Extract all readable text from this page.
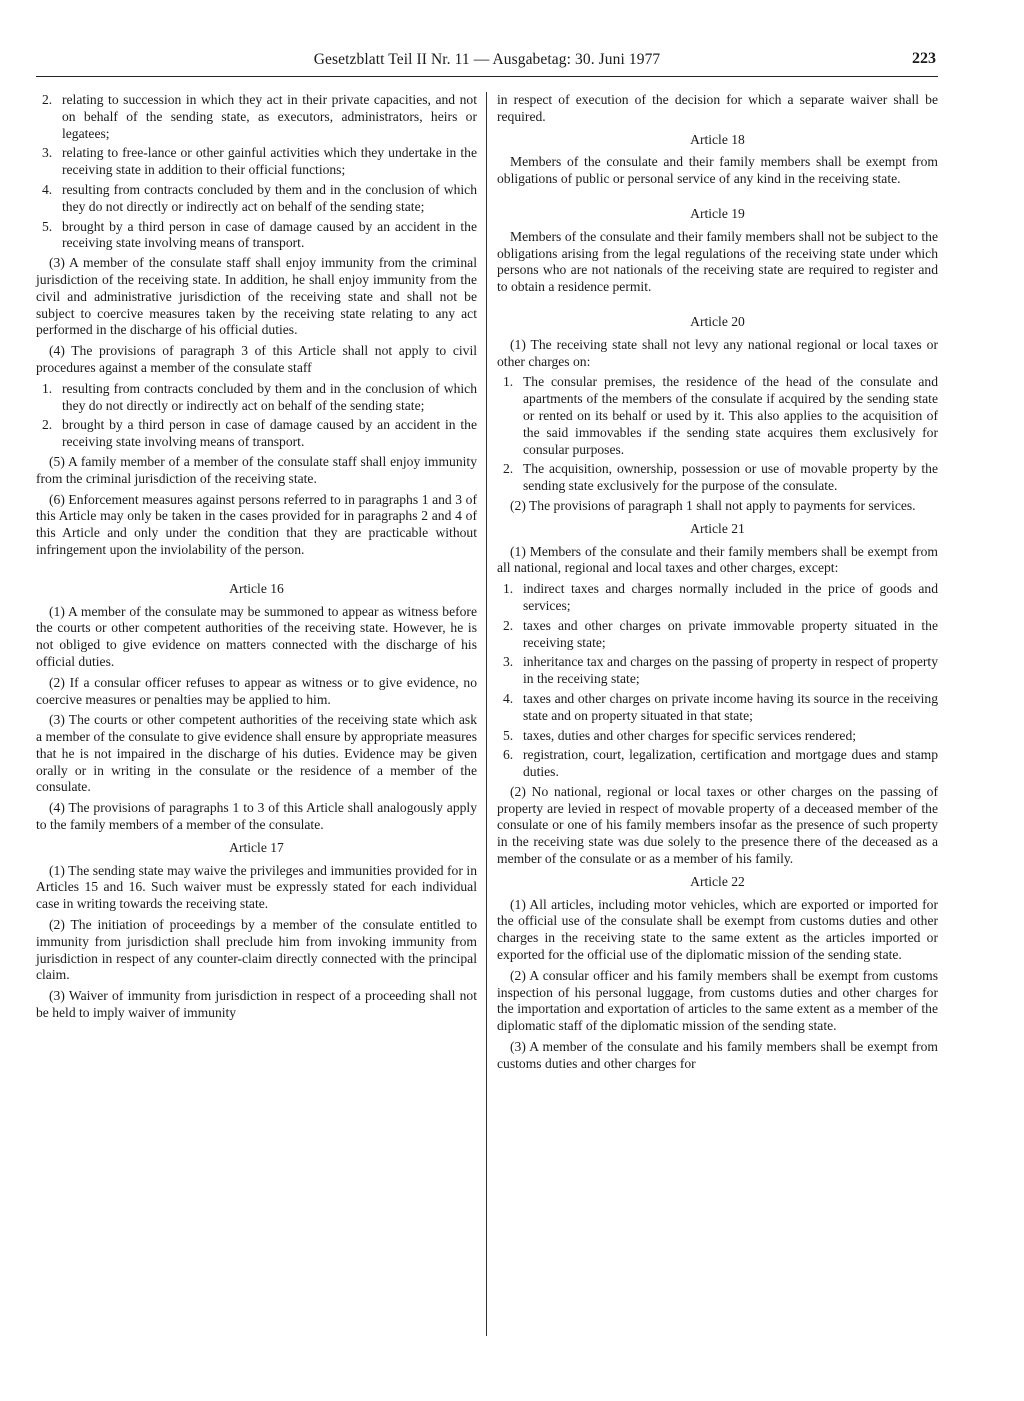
Gesetzblatt Teil II Nr. 11 — Ausgabetag: 30. Juni 1977	223
2. relating to succession in which they act in their private capacities, and not on behalf of the sending state, as executors, administrators, heirs or legatees;
3. relating to free-lance or other gainful activities which they undertake in the receiving state in addition to their official functions;
4. resulting from contracts concluded by them and in the conclusion of which they do not directly or indirectly act on behalf of the sending state;
5. brought by a third person in case of damage caused by an accident in the receiving state involving means of transport.

(3) A member of the consulate staff shall enjoy immunity from the criminal jurisdiction of the receiving state. In addition, he shall enjoy immunity from the civil and administrative jurisdiction of the receiving state and shall not be subject to coercive measures taken by the receiving state relating to any act performed in the discharge of his official duties.

(4) The provisions of paragraph 3 of this Article shall not apply to civil procedures against a member of the consulate staff

1. resulting from contracts concluded by them and in the conclusion of which they do not directly or indirectly act on behalf of the sending state;
2. brought by a third person in case of damage caused by an accident in the receiving state involving means of transport.

(5) A family member of a member of the consulate staff shall enjoy immunity from the criminal jurisdiction of the receiving state.

(6) Enforcement measures against persons referred to in paragraphs 1 and 3 of this Article may only be taken in the cases provided for in paragraphs 2 and 4 of this Article and only under the condition that they are practicable without infringement upon the inviolability of the person.

Article 16

(1) A member of the consulate may be summoned to appear as witness before the courts or other competent authorities of the receiving state. However, he is not obliged to give evidence on matters connected with the discharge of his official duties.

(2) If a consular officer refuses to appear as witness or to give evidence, no coercive measures or penalties may be applied to him.

(3) The courts or other competent authorities of the receiving state which ask a member of the consulate to give evidence shall ensure by appropriate measures that he is not impaired in the discharge of his duties. Evidence may be given orally or in writing in the consulate or the residence of a member of the consulate.

(4) The provisions of paragraphs 1 to 3 of this Article shall analogously apply to the family members of a member of the consulate.

Article 17

(1) The sending state may waive the privileges and immunities provided for in Articles 15 and 16. Such waiver must be expressly stated for each individual case in writing towards the receiving state.

(2) The initiation of proceedings by a member of the consulate entitled to immunity from jurisdiction shall preclude him from invoking immunity from jurisdiction in respect of any counter-claim directly connected with the principal claim.

(3) Waiver of immunity from jurisdiction in respect of a proceeding shall not be held to imply waiver of immunity

in respect of execution of the decision for which a separate waiver shall be required.

Article 18

Members of the consulate and their family members shall be exempt from obligations of public or personal service of any kind in the receiving state.

Article 19

Members of the consulate and their family members shall not be subject to the obligations arising from the legal regulations of the receiving state under which persons who are not nationals of the receiving state are required to register and to obtain a residence permit.

Article 20

(1) The receiving state shall not levy any national regional or local taxes or other charges on:

1. The consular premises, the residence of the head of the consulate and apartments of the members of the consulate if acquired by the sending state or rented on its behalf or used by it. This also applies to the acquisition of the said immovables if the sending state acquires them exclusively for consular purposes.
2. The acquisition, ownership, possession or use of movable property by the sending state exclusively for the purpose of the consulate.

(2) The provisions of paragraph 1 shall not apply to payments for services.

Article 21

(1) Members of the consulate and their family members shall be exempt from all national, regional and local taxes and other charges, except:

1. indirect taxes and charges normally included in the price of goods and services;
2. taxes and other charges on private immovable property situated in the receiving state;
3. inheritance tax and charges on the passing of property in respect of property in the receiving state;
4. taxes and other charges on private income having its source in the receiving state and on property situated in that state;
5. taxes, duties and other charges for specific services rendered;
6. registration, court, legalization, certification and mortgage dues and stamp duties.

(2) No national, regional or local taxes or other charges on the passing of property are levied in respect of movable property of a deceased member of the consulate or one of his family members insofar as the presence of such property in the receiving state was due solely to the presence there of the deceased as a member of the consulate or as a member of his family.

Article 22

(1) All articles, including motor vehicles, which are exported or imported for the official use of the consulate shall be exempt from customs duties and other charges in the receiving state to the same extent as the articles imported or exported for the official use of the diplomatic mission of the sending state.

(2) A consular officer and his family members shall be exempt from customs inspection of his personal luggage, from customs duties and other charges for the importation and exportation of articles to the same extent as a member of the diplomatic staff of the diplomatic mission of the sending state.

(3) A member of the consulate and his family members shall be exempt from customs duties and other charges for
